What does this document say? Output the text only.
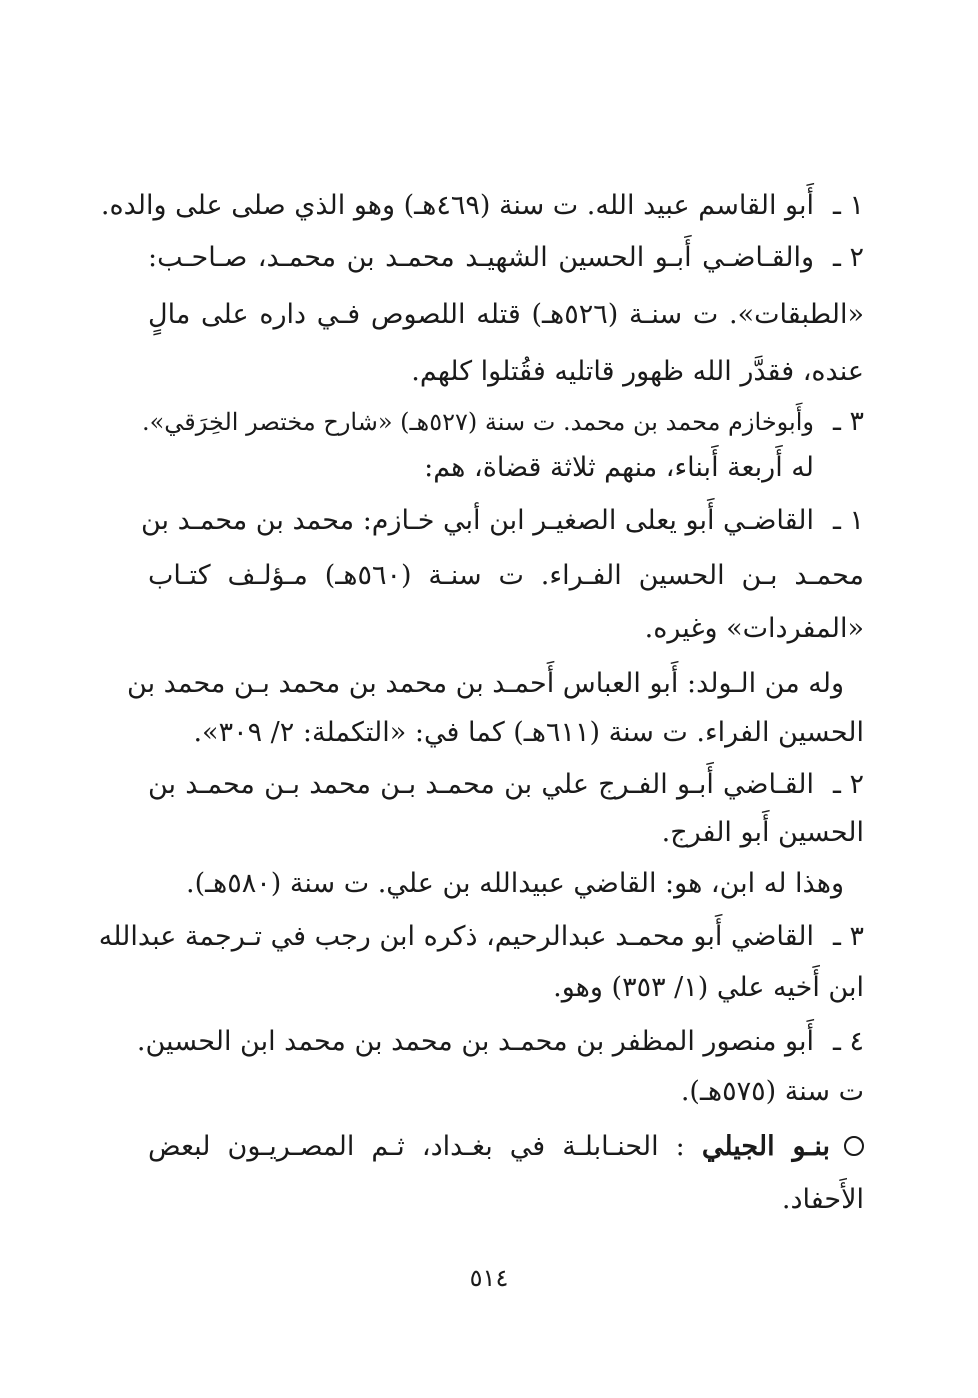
١ ـ
أَبو القاسم عبيد الله. ت سنة (٤٦٩هـ) وهو الذي صلى على والده.
٢ ـ
والقـاضـي أَبـو الحسين الشهيـد محمـد بن محمـد، صـاحـب:
«الطبقات». ت سنـة (٥٢٦هـ) قتله اللصوص فـي داره على مالٍ
عنده، فقدَّر الله ظهور قاتليه فقُتلوا كلهم.
٣ ـ
وأَبوخازم محمد بن محمد. ت سنة (٥٢٧هـ) «شارح مختصر الخِرَقي».
له أَربعة أَبناء، منهم ثلاثة قضاة، هم:
١ ـ
القاضـي أَبو يعلى الصغيـر ابن أبي خـازم: محمد بن محمـد بن
محمـد بـن الحسين الفـراء. ت سنـة (٥٦٠هـ) مـؤلـف كتـاب
«المفردات» وغيره.
وله من الـولد: أَبو العباس أَحمـد بن محمد بن محمد بـن محمد بن
الحسين الفراء. ت سنة (٦١١هـ) كما في: «التكملة: ٢/ ٣٠٩».
٢ ـ
القـاضي أَبـو الفـرج علي بن محمـد بـن محمد بـن محمـد بن
الحسين أَبو الفرج.
وهذا له ابن، هو: القاضي عبيدالله بن علي. ت سنة (٥٨٠هـ).
٣ ـ
القاضي أَبو محمـد عبدالرحيم، ذكره ابن رجب في تـرجمة عبدالله
ابن أَخيه علي (١/ ٣٥٣) وهو.
٤ ـ
أَبو منصور المظفر بن محمـد بن محمد بن محمد ابن الحسين.
ت سنة (٥٧٥هـ).
بنـو الجيلي : الحنـابلـة في بغـداد، ثـم المصـريـون لبعض
الأَحفاد.
٥١٤
